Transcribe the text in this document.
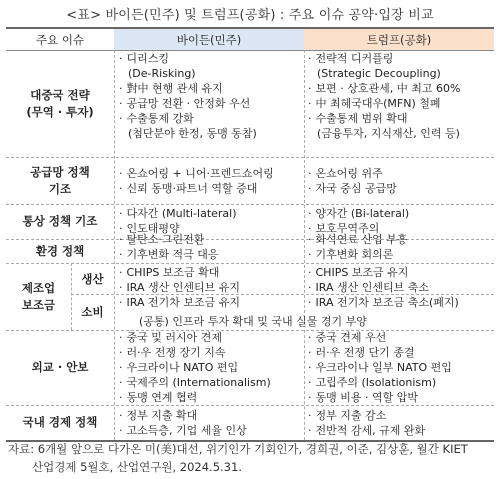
<표> 바이든(민주) 및 트럼프(공화) : 주요 이슈 공약·입장 비교
주요 이슈	바이든(민주)	트럼프(공화)
대중국 전략
(무역 · 투자)
· 디리스킹
(De-Risking)
· 對中 현행 관세 유지
· 공급망 전환 · 안정화 우선
· 수출통제 강화
(첨단분야 한정, 동맹 동참)
· 전략적 디커플링
(Strategic Decoupling)
· 보편 · 상호관세, 中 최고 60%
· 中 최혜국대우(MFN) 철폐
· 수출통제 범위 확대
(금융투자, 지식재산, 인력 등)
공급망 정책
기조
· 온쇼어링 + 니어·프렌드쇼어링
· 신뢰 동맹·파트너 역할 증대
· 온쇼어링 위주
· 자국 중심 공급망
통상 정책 기조
· 다자간 (Multi-lateral)
· 인도태평양
· 양자간 (Bi-lateral)
· 보호무역주의
환경 정책
· 탈탄소·그린전환
· 기후변화 적극 대응
· 화석연료 산업 부흥
· 기후변화 회의론
제조업
보조금
생산
소비
· CHIPS 보조금 확대
· IRA 생산 인센티브 유지
· IRA 전기차 보조금 유지
· CHIPS 보조금 유지
· IRA 생산 인센티브 축소
· IRA 전기차 보조금 축소(폐지)
(공통) 인프라 투자 확대 및 국내 실물 경기 부양
외교 · 안보
· 중국 및 러시아 견제
· 러·우 전쟁 장기 지속
· 우크라이나 NATO 편입
· 국제주의 (Internationalism)
· 동맹 연계 협력
· 중국 견제 우선
· 러·우 전쟁 단기 종결
· 우크라이나 일부 NATO 편입
· 고립주의 (Isolationism)
· 동맹 비용 · 역할 압박
국내 경제 정책 · 정부 지출 확대
· 고소득층, 기업 세율 인상
· 정부 지출 감소
· 전반적 감세, 규제 완화
자료: 6개월 앞으로 다가온 미(美)대선, 위기인가 기회인가, 경희권, 이준, 김상훈, 월간 KIET
산업경제 5월호, 산업연구원, 2024.5.31.
